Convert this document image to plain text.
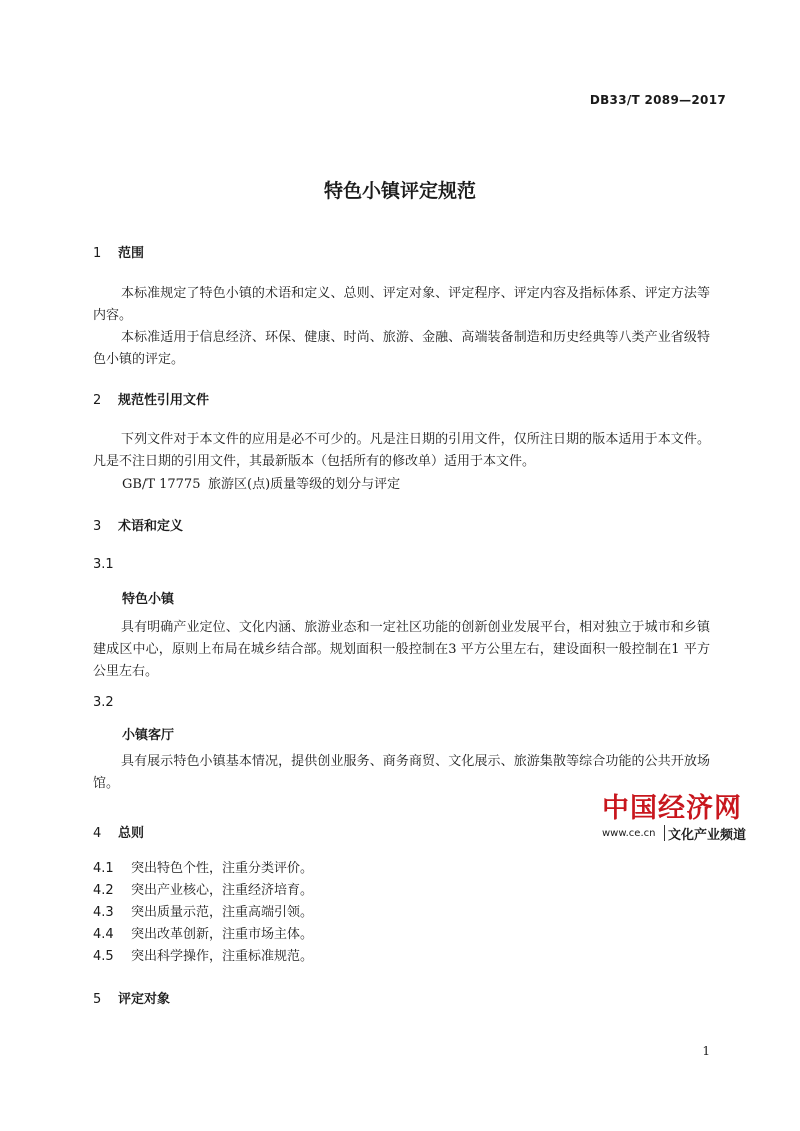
DB33/T 2089—2017
特色小镇评定规范
1 范围
本标准规定了特色小镇的术语和定义、总则、评定对象、评定程序、评定内容及指标体系、评定方法等内容。
本标准适用于信息经济、环保、健康、时尚、旅游、金融、高端装备制造和历史经典等八类产业省级特色小镇的评定。
2 规范性引用文件
下列文件对于本文件的应用是必不可少的。凡是注日期的引用文件，仅所注日期的版本适用于本文件。凡是不注日期的引用文件，其最新版本（包括所有的修改单）适用于本文件。
GB/T 17775 旅游区(点)质量等级的划分与评定
3 术语和定义
3.1
特色小镇
具有明确产业定位、文化内涵、旅游业态和一定社区功能的创新创业发展平台，相对独立于城市和乡镇建成区中心，原则上布局在城乡结合部。规划面积一般控制在3 平方公里左右，建设面积一般控制在1 平方公里左右。
3.2
小镇客厅
具有展示特色小镇基本情况，提供创业服务、商务商贸、文化展示、旅游集散等综合功能的公共开放场馆。
中国经济网
www.ce.cn 文化产业频道
4 总则
4.1 突出特色个性，注重分类评价。
4.2 突出产业核心，注重经济培育。
4.3 突出质量示范，注重高端引领。
4.4 突出改革创新，注重市场主体。
4.5 突出科学操作，注重标准规范。
5 评定对象
1
